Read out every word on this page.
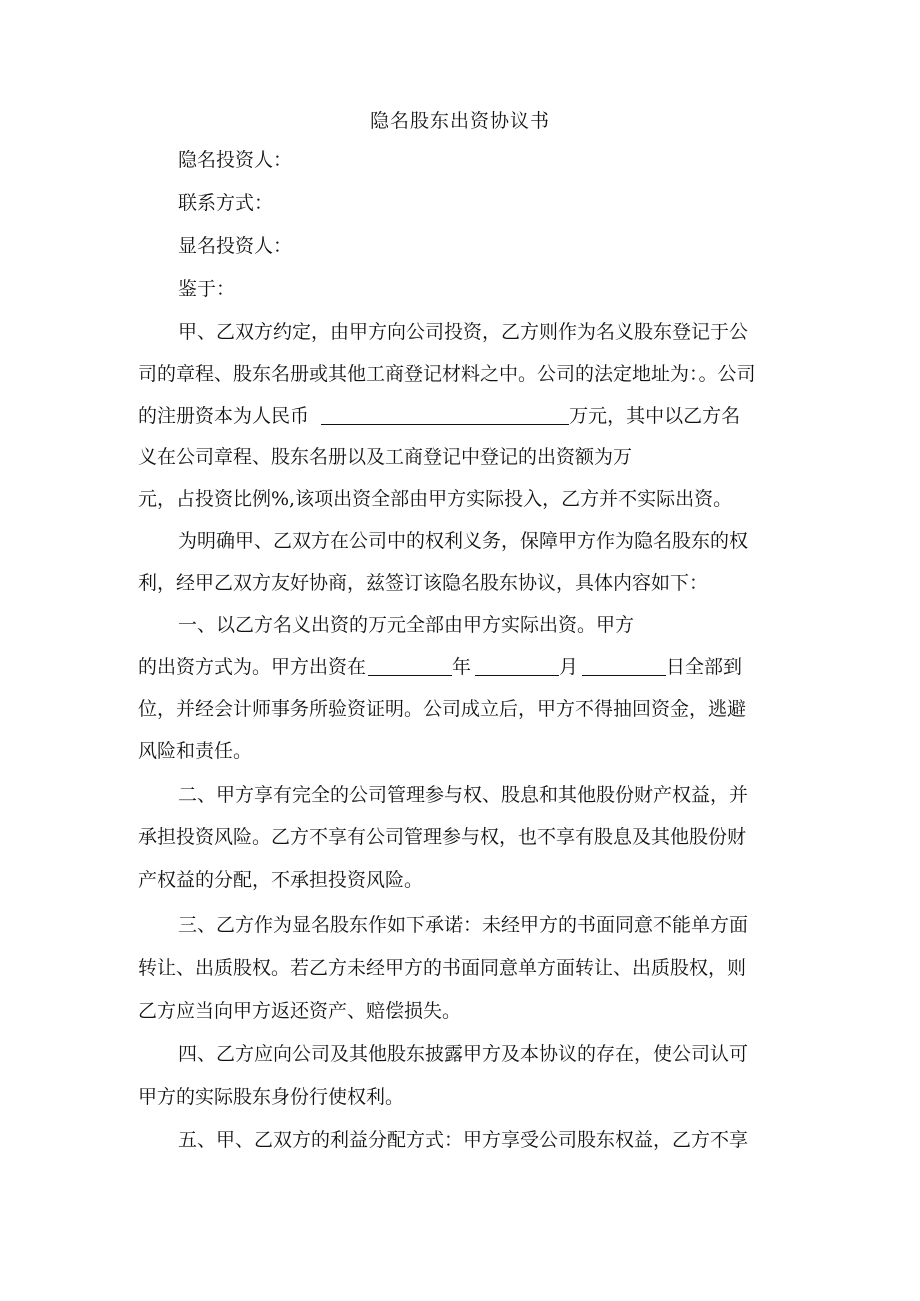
隐名股东出资协议书
隐名投资人：
联系方式：
显名投资人：
鉴于：
甲、乙双方约定，由甲方向公司投资，乙方则作为名义股东登记于公
司的章程、股东名册或其他工商登记材料之中。公司的法定地址为：。公司
的注册资本为人民币	万元，其中以乙方名
义在公司章程、股东名册以及工商登记中登记的出资额为万
元，占投资比例%,该项出资全部由甲方实际投入，乙方并不实际出资。
为明确甲、乙双方在公司中的权利义务，保障甲方作为隐名股东的权
利，经甲乙双方友好协商，兹签订该隐名股东协议，具体内容如下：
一、以乙方名义出资的万元全部由甲方实际出资。甲方
的出资方式为。甲方出资在	年	月	日全部到
位，并经会计师事务所验资证明。公司成立后，甲方不得抽回资金，逃避
风险和责任。
二、甲方享有完全的公司管理参与权、股息和其他股份财产权益，并
承担投资风险。乙方不享有公司管理参与权，也不享有股息及其他股份财
产权益的分配，不承担投资风险。
三、乙方作为显名股东作如下承诺：未经甲方的书面同意不能单方面
转让、出质股权。若乙方未经甲方的书面同意单方面转让、出质股权，则
乙方应当向甲方返还资产、赔偿损失。
四、乙方应向公司及其他股东披露甲方及本协议的存在，使公司认可
甲方的实际股东身份行使权利。
五、甲、乙双方的利益分配方式：甲方享受公司股东权益，乙方不享
